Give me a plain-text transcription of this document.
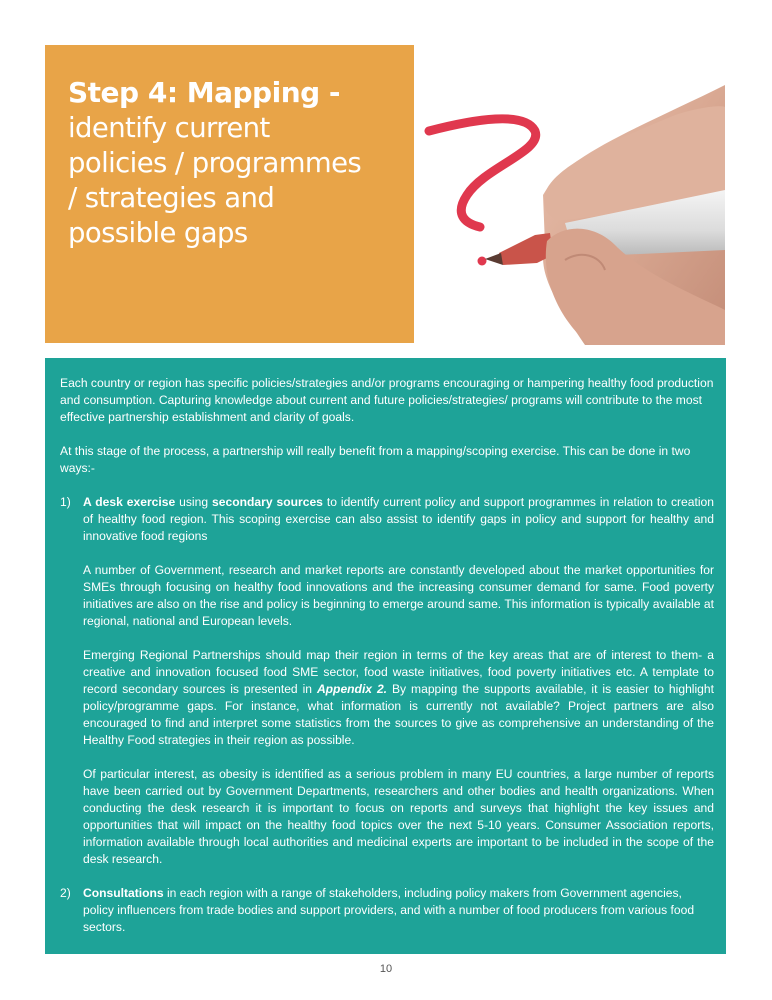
Step 4: Mapping -
identify current
policies / programmes
/ strategies and
possible gaps

Each country or region has specific policies/strategies and/or programs encouraging or hampering healthy food production and consumption. Capturing knowledge about current and future policies/strategies/ programs will contribute to the most effective partnership establishment and clarity of goals.

At this stage of the process, a partnership will really benefit from a mapping/scoping exercise. This can be done in two ways:-

1) A desk exercise using secondary sources to identify current policy and support programmes in relation to creation of healthy food region. This scoping exercise can also assist to identify gaps in policy and support for healthy and innovative food regions

A number of Government, research and market reports are constantly developed about the market opportunities for SMEs through focusing on healthy food innovations and the increasing consumer demand for same. Food poverty initiatives are also on the rise and policy is beginning to emerge around same. This information is typically available at regional, national and European levels.

Emerging Regional Partnerships should map their region in terms of the key areas that are of interest to them- a creative and innovation focused food SME sector, food waste initiatives, food poverty initiatives etc. A template to record secondary sources is presented in Appendix 2. By mapping the supports available, it is easier to highlight policy/programme gaps. For instance, what information is currently not available? Project partners are also encouraged to find and interpret some statistics from the sources to give as comprehensive an understanding of the Healthy Food strategies in their region as possible.

Of particular interest, as obesity is identified as a serious problem in many EU countries, a large number of reports have been carried out by Government Departments, researchers and other bodies and health organizations. When conducting the desk research it is important to focus on reports and surveys that highlight the key issues and opportunities that will impact on the healthy food topics over the next 5-10 years. Consumer Association reports, information available through local authorities and medicinal experts are important to be included in the scope of the desk research.

2) Consultations in each region with a range of stakeholders, including policy makers from Government agencies, policy influencers from trade bodies and support providers, and with a number of food producers from various food sectors.

10
